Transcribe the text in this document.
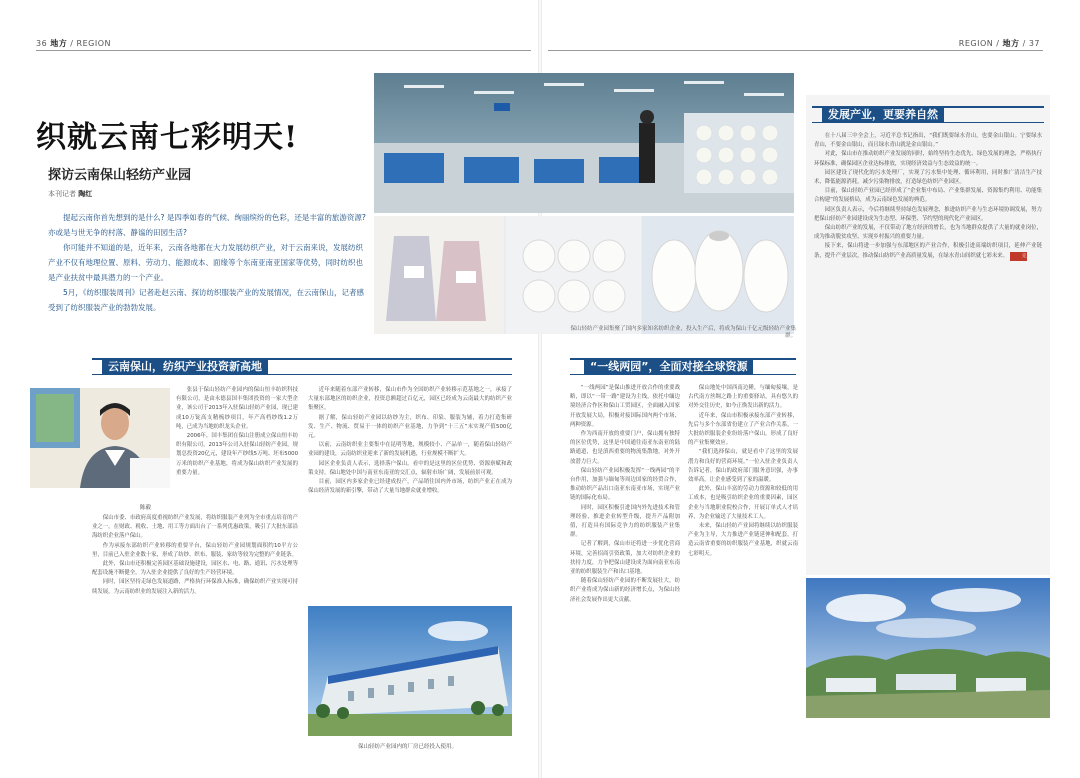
36 地方 / REGION	REGION / 地方 / 37
保山轻纺产业园集聚了国内多家知名纺织企业，投入生产后，将成为保山千亿元级轻纺产业集群。
织就云南七彩明天!
探访云南保山轻纺产业园
本刊记者 陶红

提起云南你首先想到的是什么? 是四季如春的气候、绚丽缤纷的色彩，还是丰富的旅游资源? 亦或是与世无争的村落、静谧的田园生活?

你可能并不知道的是，近年来，云南各地都在大力发展纺织产业，对于云南来说，发展纺织产业不仅有地理位置、原料、劳动力、能源成本、面缘等个东南亚南亚国家等优势，同时纺织也是产业扶贫中最具潜力的一个产业。

5月，《纺织服装周刊》记者赴赵云南、探访纺织服装产业的发展情况，在云南保山，记者感受到了纺织服装产业的勃勃发展。

云南保山，纺织产业投资新高地
陈毅

张县于保山轻纺产业园内的保山恒丰纺织科技有限公司，是由永德县国丰集团投资的一家大型企业，该公司于2013年入驻保山轻纺产业园，现已建成10万锭高支精梳纱项目，年产高档纱线1.2万吨，已成为当地纺织龙头企业。

2006年，国丰集团在保山注册成立保山恒丰纺织有限公司，2013年公司入驻保山轻纺产业园，规划总投资20亿元，建设年产纱线5万吨、坯布5000万米的纺织产业基地，将成为保山纺织产业发展的重要力量。

保山市委、市政府高度重视纺织产业发展，将纺织服装产业列为全市重点培育的产业之一。在财政、税收、土地、用工等方面出台了一系列优惠政策，吸引了大批东部沿海纺织企业落户保山。

作为承接东部纺织产业转移的重要平台，保山轻纺产业园规划面积约10平方公里，目前已入驻企业数十家，形成了纺纱、织布、服装、家纺等较为完整的产业链条。

此外，保山市还积极完善园区基础设施建设，园区水、电、路、通讯、污水处理等配套设施不断健全，为入驻企业提供了良好的生产经营环境。

同时，园区坚持走绿色发展道路，严格执行环保准入标准，确保纺织产业实现可持续发展，为云南纺织业的发展注入新的活力。

近年来随着东部产业转移，保山市作为全国纺织产业转移示范基地之一，承接了大量东部地区的纺织企业，投资总额超过百亿元，园区已经成为云南最大的纺织产业集聚区。

据了解，保山轻纺产业园以纺纱为主，织布、印染、服装为辅，着力打造集研发、生产、物流、贸易于一体的纺织产业基地，力争到“十三五”末实现产值500亿元。

以前，云南纺织业主要集中在昆明等地，规模较小、产品单一，随着保山轻纺产业园的建设，云南纺织业迎来了新的发展机遇，行业规模不断扩大。

园区企业负责人表示，选择落户保山，看中的是这里的区位优势、资源禀赋和政策支持，保山地处中国与南亚东南亚的交汇点，辐射市场广阔，发展前景可观。

目前，园区内多家企业已经建成投产，产品销往国内外市场，纺织产业正在成为保山经济发展的新引擎，带动了大量当地群众就业增收。

保山轻纺产业园内的厂房已经投入使用。
“一线两园”，全面对接全球资源

“一线两园”是保山推进开放合作的重要战略，即以“一带一路”建设为主线，依托中缅边境经济合作区和保山工贸园区，全面融入国家开放发展大局，积极对接国际国内两个市场、两种资源。

作为西南开放的重要门户，保山拥有独特的区位优势，这里是中国通往南亚东南亚的陆路通道，也是滇西重要的物流集散地，对外开放潜力巨大。

保山轻纺产业园积极发挥“一线两园”的平台作用，加强与缅甸等周边国家的经贸合作，推动纺织产品出口南亚东南亚市场，实现产业链的国际化布局。

同时，园区积极引进国内外先进技术和管理经验，推进企业转型升级，提升产品附加值，打造具有国际竞争力的纺织服装产业集群。

记者了解到，保山市还将进一步优化营商环境，完善招商引资政策，加大对纺织企业的扶持力度，力争把保山建设成为面向南亚东南亚的纺织服装生产和出口基地。

随着保山轻纺产业园的不断发展壮大，纺织产业将成为保山新的经济增长点，为保山经济社会发展作出更大贡献。

保山地处中国西南边陲，与缅甸接壤，是古代南方丝绸之路上的重要驿站，具有悠久的对外交往历史，如今正焕发出新的活力。

近年来，保山市积极承接东部产业转移，先后与多个东部省份建立了产业合作关系，一大批纺织服装企业纷纷落户保山，形成了良好的产业集聚效应。

“我们选择保山，就是看中了这里的发展潜力和良好的营商环境。”一位入驻企业负责人告诉记者，保山的政府部门服务意识强，办事效率高，让企业感受到了家的温暖。

此外，保山丰富的劳动力资源和较低的用工成本，也是吸引纺织企业的重要因素，园区企业与当地职业院校合作，开展订单式人才培养，为企业输送了大量技术工人。

未来，保山轻纺产业园将继续以纺织服装产业为主导，大力推进产业链延伸和配套，打造云南省重要的纺织服装产业基地，织就云南七彩明天。

发展产业，更要养自然

在十八届三中全会上，习近平总书记指出，“我们既要绿水青山，也要金山银山。宁要绿水青山，不要金山银山，而且绿水青山就是金山银山。”

对此，保山市在推动纺织产业发展的同时，始终坚持生态优先、绿色发展的理念，严格执行环保标准，确保园区企业达标排放，实现经济效益与生态效益的统一。

园区建设了现代化的污水处理厂，实现了污水集中处理、循环利用，同时推广清洁生产技术，降低能源消耗，减少污染物排放，打造绿色纺织产业园区。

目前，保山轻纺产业园已经形成了“企业集中布局、产业集群发展、资源集约利用、功能集合构建”的发展格局，成为云南绿色发展的典范。

园区负责人表示，今后将继续坚持绿色发展理念，推进纺织产业与生态环境协调发展，努力把保山轻纺产业园建设成为生态型、环保型、节约型的现代化产业园区。

保山纺织产业的发展，不仅带动了地方经济的增长，也为当地群众提供了大量的就业岗位，成为推动脱贫攻坚、实现乡村振兴的重要力量。

接下来，保山将进一步加强与东部地区的产业合作，积极引进高端纺织项目，延伸产业链条，提升产业层次，推动保山纺织产业高质量发展，在绿水青山间织就七彩未来。	完
